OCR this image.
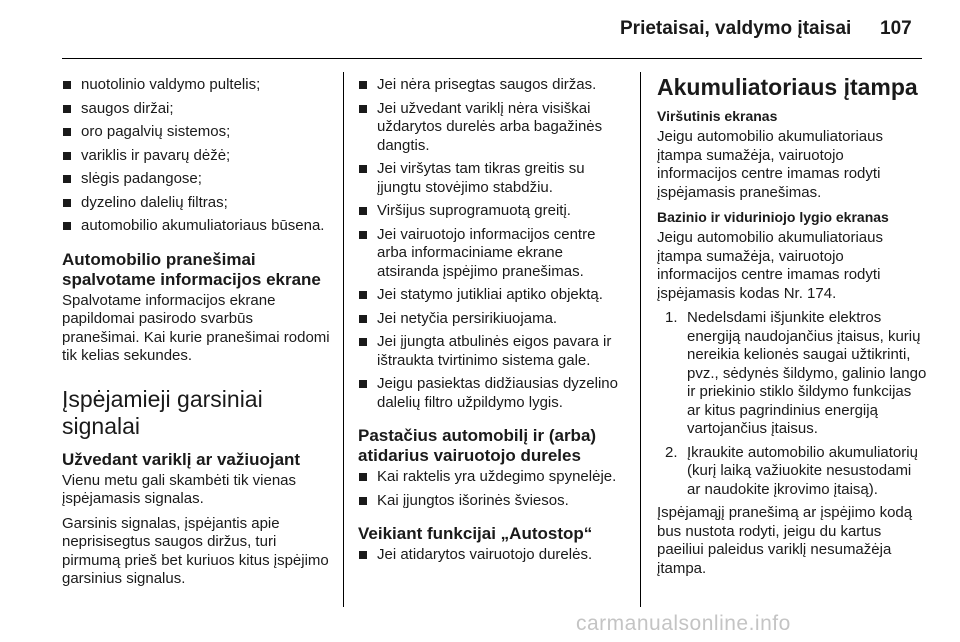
Prietaisai, valdymo įtaisai 107
nuotolinio valdymo pultelis;
saugos diržai;
oro pagalvių sistemos;
variklis ir pavarų dėžė;
slėgis padangose;
dyzelino dalelių filtras;
automobilio akumuliatoriaus būsena.
Automobilio pranešimai spalvotame informacijos ekrane

Spalvotame informacijos ekrane papildomai pasirodo svarbūs pranešimai. Kai kurie pranešimai rodomi tik kelias sekundes.

Įspėjamieji garsiniai signalai
Užvedant variklį ar važiuojant

Vienu metu gali skambėti tik vienas įspėjamasis signalas.

Garsinis signalas, įspėjantis apie neprisisegtus saugos diržus, turi pirmumą prieš bet kuriuos kitus įspėjimo garsinius signalus.

Jei nėra prisegtas saugos diržas.
Jei užvedant variklį nėra visiškai uždarytos durelės arba bagažinės dangtis.
Jei viršytas tam tikras greitis su įjungtu stovėjimo stabdžiu.
Viršijus suprogramuotą greitį.
Jei vairuotojo informacijos centre arba informaciniame ekrane atsiranda įspėjimo pranešimas.
Jei statymo jutikliai aptiko objektą.
Jei netyčia persirikiuojama.
Jei įjungta atbulinės eigos pavara ir ištraukta tvirtinimo sistema gale.
Jeigu pasiektas didžiausias dyzelino dalelių filtro užpildymo lygis.
Pastačius automobilį ir (arba) atidarius vairuotojo dureles
Kai raktelis yra uždegimo spynelėje.
Kai įjungtos išorinės šviesos.
Veikiant funkcijai „Autostop“
Jei atidarytos vairuotojo durelės.
Akumuliatoriaus įtampa
Viršutinis ekranas

Jeigu automobilio akumuliatoriaus įtampa sumažėja, vairuotojo informacijos centre imamas rodyti įspėjamasis pranešimas.

Bazinio ir viduriniojo lygio ekranas

Jeigu automobilio akumuliatoriaus įtampa sumažėja, vairuotojo informacijos centre imamas rodyti įspėjamasis kodas Nr. 174.

1. Nedelsdami išjunkite elektros energiją naudojančius įtaisus, kurių nereikia kelionės saugai užtikrinti, pvz., sėdynės šildymo, galinio lango ir priekinio stiklo šildymo funkcijas ar kitus pagrindinius energiją vartojančius įtaisus.
2. Įkraukite automobilio akumuliatorių (kurį laiką važiuokite nesustodami ar naudokite įkrovimo įtaisą).

Įspėjamąjį pranešimą ar įspėjimo kodą bus nustota rodyti, jeigu du kartus paeiliui paleidus variklį nesumažėja įtampa.

carmanualsonline.info
